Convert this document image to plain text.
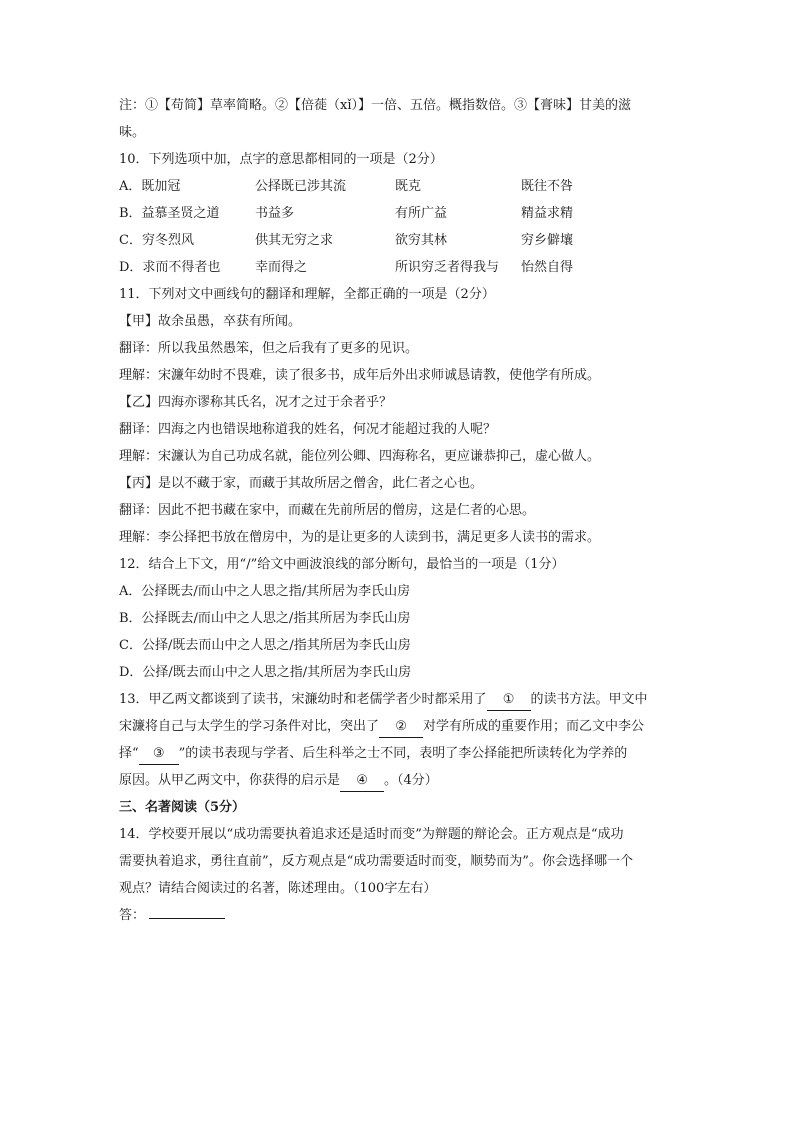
注：①【苟简】草率简略。②【倍蓰（xǐ）】一倍、五倍。概指数倍。③【膏味】甘美的滋
味。
10．下列选项中加，点字的意思都相同的一项是（2分）
A．既加冠	公择既已涉其流	既克	既往不咎
B．益慕圣贤之道	书益多	有所广益	精益求精
C．穷冬烈风	供其无穷之求	欲穷其林	穷乡僻壤
D．求而不得者也	幸而得之	所识穷乏者得我与	怡然自得
11．下列对文中画线句的翻译和理解，全都正确的一项是（2分）
【甲】故余虽愚，卒获有所闻。
翻译：所以我虽然愚笨，但之后我有了更多的见识。
理解：宋濂年幼时不畏难，读了很多书，成年后外出求师诚恳请教，使他学有所成。
【乙】四海亦谬称其氏名，况才之过于余者乎？
翻译：四海之内也错误地称道我的姓名，何况才能超过我的人呢？
理解：宋濂认为自己功成名就，能位列公卿、四海称名，更应谦恭抑己，虚心做人。
【丙】是以不藏于家，而藏于其故所居之僧舍，此仁者之心也。
翻译：因此不把书藏在家中，而藏在先前所居的僧房，这是仁者的心思。
理解：李公择把书放在僧房中，为的是让更多的人读到书，满足更多人读书的需求。
12．结合上下文，用“/”给文中画波浪线的部分断句，最恰当的一项是（1分）
A．公择既去/而山中之人思之指/其所居为李氏山房
B．公择既去/而山中之人思之/指其所居为李氏山房
C．公择/既去而山中之人思之/指其所居为李氏山房
D．公择/既去而山中之人思之指/其所居为李氏山房
13．甲乙两文都谈到了读书，宋濂幼时和老儒学者少时都采用了 ① 的读书方法。甲文中
宋濂将自己与太学生的学习条件对比，突出了 ② 对学有所成的重要作用；而乙文中李公
择“ ③ ”的读书表现与学者、后生科举之士不同，表明了李公择能把所读转化为学养的
原因。从甲乙两文中，你获得的启示是 ④ 。（4分）
三、名著阅读（5分）
14．学校要开展以“成功需要执着追求还是适时而变”为辩题的辩论会。正方观点是“成功
需要执着追求，勇往直前”，反方观点是“成功需要适时而变，顺势而为”。你会选择哪一个
观点？请结合阅读过的名著，陈述理由。（100字左右）
答：
